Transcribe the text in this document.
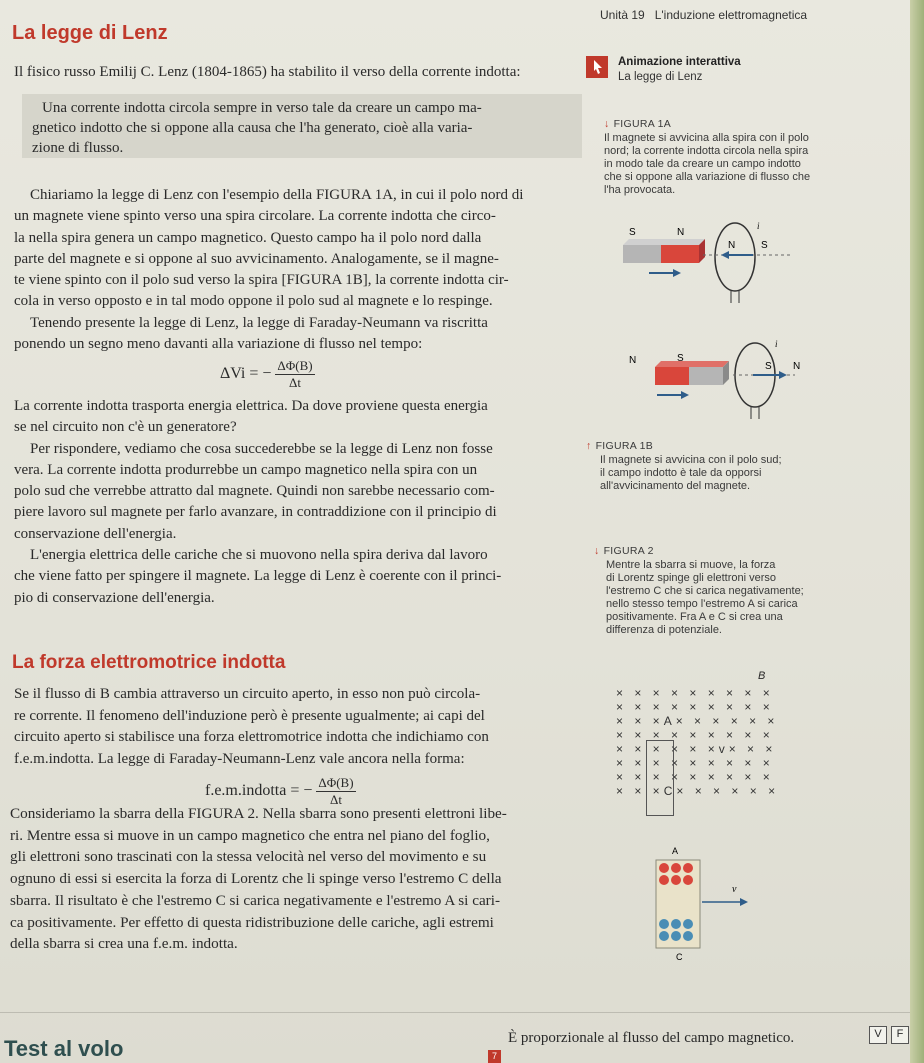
Unità 19 L'induzione elettromagnetica
La legge di Lenz
Il fisico russo Emilij C. Lenz (1804-1865) ha stabilito il verso della corrente indotta:
Animazione interattiva
La legge di Lenz
Una corrente indotta circola sempre in verso tale da creare un campo ma-
gnetico indotto che si oppone alla causa che l'ha generato, cioè alla varia-
zione di flusso.
↓ FIGURA 1A
Il magnete si avvicina alla spira con il polo
nord; la corrente indotta circola nella spira
in modo tale da creare un campo indotto
che si oppone alla variazione di flusso che
l'ha provocata.
Chiariamo la legge di Lenz con l'esempio della FIGURA 1A, in cui il polo nord di
un magnete viene spinto verso una spira circolare. La corrente indotta che circo-
la nella spira genera un campo magnetico. Questo campo ha il polo nord dalla
parte del magnete e si oppone al suo avvicinamento. Analogamente, se il magne-
te viene spinto con il polo sud verso la spira [FIGURA 1B], la corrente indotta cir-
cola in verso opposto e in tal modo oppone il polo sud al magnete e lo respinge.
Tenendo presente la legge di Lenz, la legge di Faraday-Neumann va riscritta
ponendo un segno meno davanti alla variazione di flusso nel tempo:
ΔVi = − $\frac{\Delta\Phi(B)}{\Delta t}$
S	N
N	S
i
N	S
S N
i
↑ FIGURA 1B
Il magnete si avvicina con il polo sud;
il campo indotto è tale da opporsi
all'avvicinamento del magnete.
La corrente indotta trasporta energia elettrica. Da dove proviene questa energia
se nel circuito non c'è un generatore?
Per rispondere, vediamo che cosa succederebbe se la legge di Lenz non fosse
vera. La corrente indotta produrrebbe un campo magnetico nella spira con un
polo sud che verrebbe attratto dal magnete. Quindi non sarebbe necessario com-
piere lavoro sul magnete per farlo avanzare, in contraddizione con il principio di
conservazione dell'energia.
L'energia elettrica delle cariche che si muovono nella spira deriva dal lavoro
che viene fatto per spingere il magnete. La legge di Lenz è coerente con il princi-
pio di conservazione dell'energia.
↓ FIGURA 2
Mentre la sbarra si muove, la forza
di Lorentz spinge gli elettroni verso
l'estremo C che si carica negativamente;
nello stesso tempo l'estremo A si carica
positivamente. Fra A e C si crea una
differenza di potenziale.
La forza elettromotrice indotta
Se il flusso di B cambia attraverso un circuito aperto, in esso non può circola-
re corrente. Il fenomeno dell'induzione però è presente ugualmente; ai capi del
circuito aperto si stabilisce una forza elettromotrice indotta che indichiamo con
f.e.m.indotta. La legge di Faraday-Neumann-Lenz vale ancora nella forma:
f.e.m.indotta = − $\frac{\Delta\Phi(B)}{\Delta t}$
B
× × × × × × × × ×
× × × × × × × × ×
× × ×A× × × × × ×
× × × × × × × × ×
× × × × × ×v× × ×
× × × × × × × × ×
× × × × × × × × ×
× × ×C× × × × × ×
A
v
C
Consideriamo la sbarra della FIGURA 2. Nella sbarra sono presenti elettroni libe-
ri. Mentre essa si muove in un campo magnetico che entra nel piano del foglio,
gli elettroni sono trascinati con la stessa velocità nel verso del movimento e su
ognuno di essi si esercita la forza di Lorentz che li spinge verso l'estremo C della
sbarra. Il risultato è che l'estremo C si carica negativamente e l'estremo A si cari-
ca positivamente. Per effetto di questa ridistribuzione delle cariche, agli estremi
della sbarra si crea una f.e.m. indotta.
Test al volo	7
È proporzionale al flusso del campo magnetico.	V	F
